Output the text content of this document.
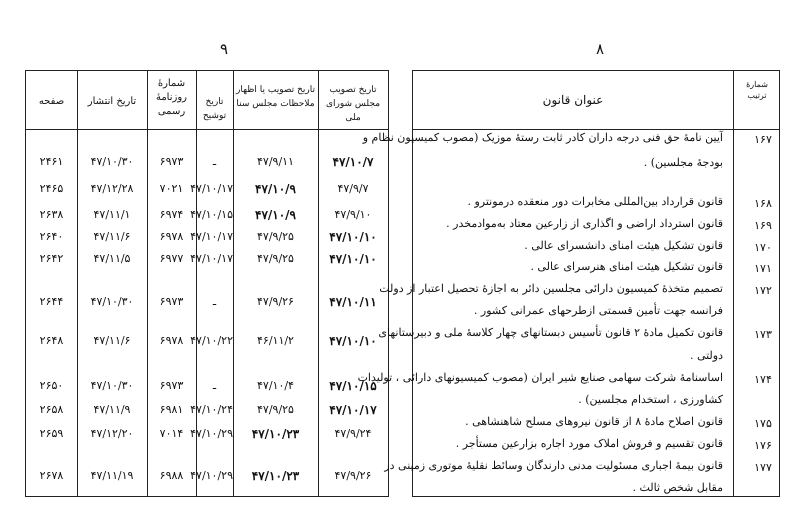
۹	۸
صفحه	تاریخ انتشار
شمارهٔ
روزنامهٔ
رسمی
تاریخ توشیح
تاریخ تصویب یا اظهار
ملاحظات مجلس سنا
تاریخ تصویب
مجلس شورای ملی
۲۴۶۱	۴۷/۱۰/۳۰	۶۹۷۳	ـ	۴۷/۹/۱۱	۴۷/۱۰/۷
۲۴۶۵	۴۷/۱۲/۲۸	۷۰۲۱ ۴۷/۱۰/۱۷	۴۷/۱۰/۹	۴۷/۹/۷
۲۶۳۸	۴۷/۱۱/۱	۶۹۷۴ ۴۷/۱۰/۱۵	۴۷/۱۰/۹	۴۷/۹/۱۰
۲۶۴۰	۴۷/۱۱/۶	۶۹۷۸ ۴۷/۱۰/۱۷	۴۷/۹/۲۵	۴۷/۱۰/۱۰
۲۶۴۲	۴۷/۱۱/۵	۶۹۷۷ ۴۷/۱۰/۱۷	۴۷/۹/۲۵	۴۷/۱۰/۱۰
۲۶۴۴	۴۷/۱۰/۳۰	۶۹۷۳	ـ	۴۷/۹/۲۶	۴۷/۱۰/۱۱
۲۶۴۸	۴۷/۱۱/۶	۶۹۷۸ ۴۷/۱۰/۲۲	۴۶/۱۱/۲	۴۷/۱۰/۱۰
۲۶۵۰	۴۷/۱۰/۳۰	۶۹۷۳	ـ	۴۷/۱۰/۴	۴۷/۱۰/۱۵
۲۶۵۸	۴۷/۱۱/۹	۶۹۸۱ ۴۷/۱۰/۲۴	۴۷/۹/۲۵	۴۷/۱۰/۱۷
۲۶۵۹	۴۷/۱۲/۲۰	۷۰۱۴ ۴۷/۱۰/۲۹	۴۷/۱۰/۲۳	۴۷/۹/۲۴
۲۶۷۸	۴۷/۱۱/۱۹	۶۹۸۸ ۴۷/۱۰/۲۹	۴۷/۱۰/۲۳	۴۷/۹/۲۶
عنوان قانون
شمارهٔ
ترتیب
۱۶۷
آیین نامهٔ حق فنی درجه داران کادر ثابت رستهٔ موزیک (مصوب کمیسیون نظام و
بودجهٔ مجلسین) .
۱۶۸
قانون قرارداد بین‌المللی مخابرات دور منعقده درمونترو .
۱۶۹
قانون استرداد اراضی و اگذاری از زارعین معتاد به‌موادمخدر .
۱۷۰
قانون تشکیل هیئت امنای دانشسرای عالی .
۱۷۱
قانون تشکیل هیئت امنای هنرسرای عالی .
۱۷۲
تصمیم متخذهٔ کمیسیون دارائی مجلسین دائر به اجازهٔ تحصیل اعتبار از دولت
فرانسه جهت تأمین قسمتی ازطرحهای عمرانی کشور .
۱۷۳
قانون تکمیل مادهٔ ۲ قانون تأسیس دبستانهای چهار کلاسهٔ ملی و دبیرستانهای
دولتی .
۱۷۴
اساسنامهٔ شرکت سهامی صنایع شیر ایران (مصوب کمیسیونهای دارائی ، تولیدات
کشاورزی ، استخدام مجلسین) .
۱۷۵
قانون اصلاح مادهٔ ۸ از قانون نیروهای مسلح شاهنشاهی .
۱۷۶
قانون تقسیم و فروش املاک مورد اجاره بزارعین مستأجر .
۱۷۷
قانون بیمهٔ اجباری مسئولیت مدنی دارندگان وسائط نقلیهٔ موتوری زمینی در
مقابل شخص ثالث .
